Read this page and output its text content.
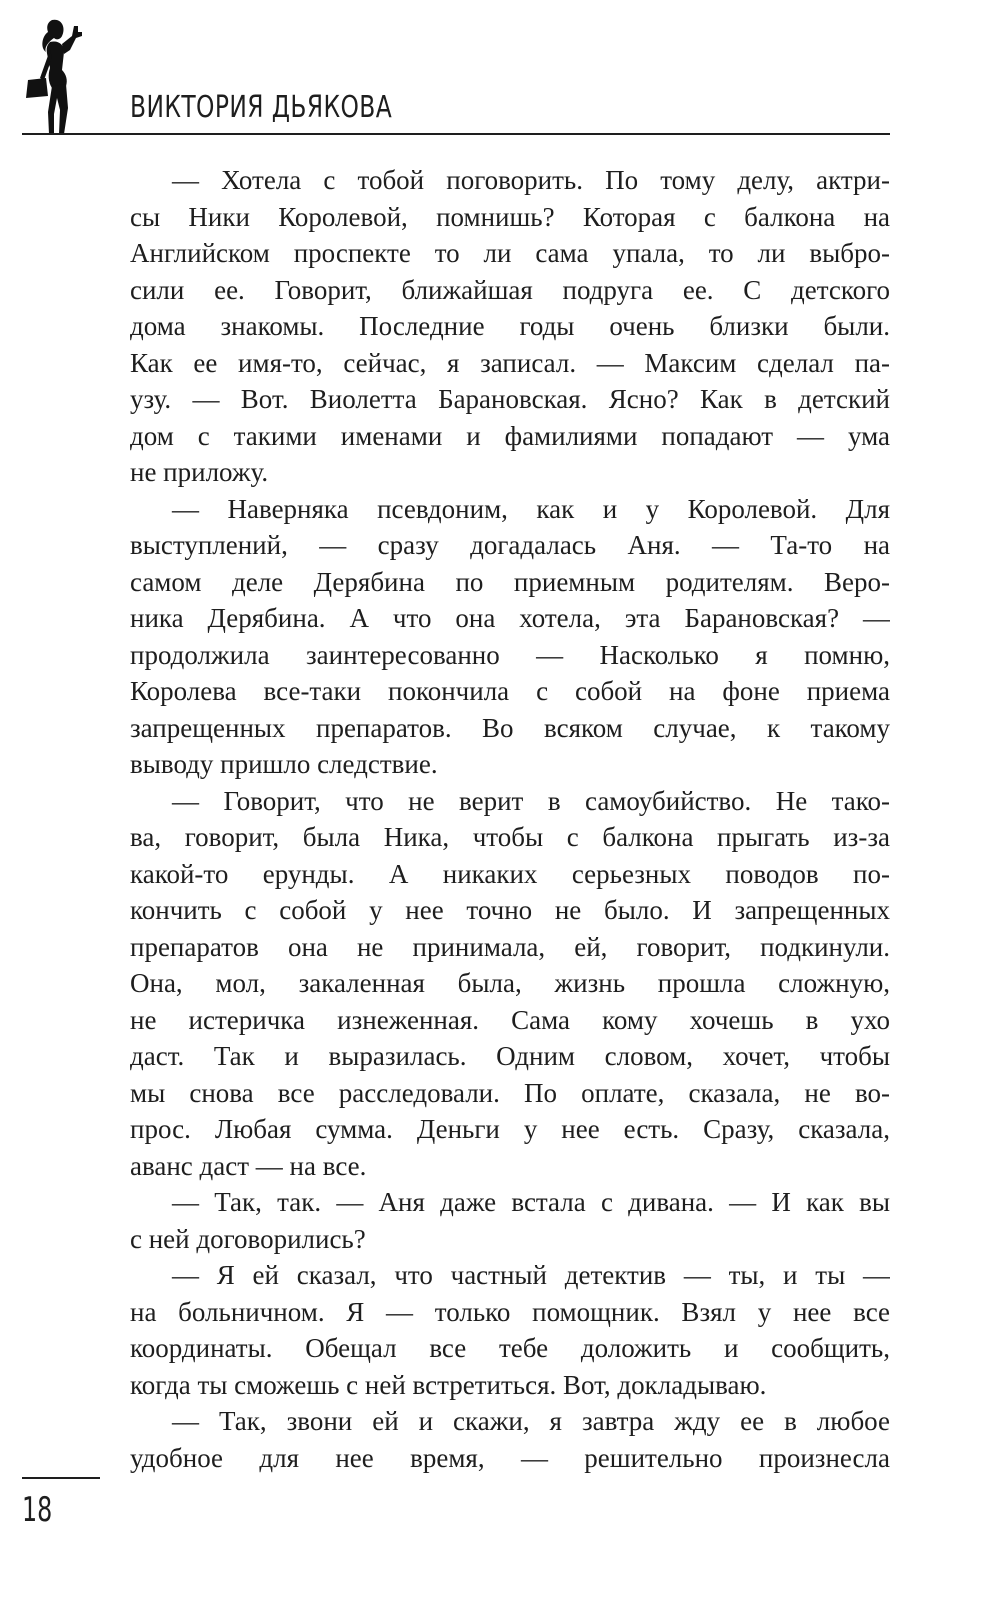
ВИКТОРИЯ ДЬЯКОВА
— Хотела с тобой поговорить. По тому делу, актри-
сы Ники Королевой, помнишь? Которая с балкона на
Английском проспекте то ли сама упала, то ли выбро-
сили ее. Говорит, ближайшая подруга ее. С детского
дома знакомы. Последние годы очень близки были.
Как ее имя-то, сейчас, я записал. — Максим сделал па-
узу. — Вот. Виолетта Барановская. Ясно? Как в детский
дом с такими именами и фамилиями попадают — ума
не приложу.
— Наверняка псевдоним, как и у Королевой. Для
выступлений, — сразу догадалась Аня. — Та-то на
самом деле Дерябина по приемным родителям. Веро-
ника Дерябина. А что она хотела, эта Барановская? —
продолжила заинтересованно — Насколько я помню,
Королева все-таки покончила с собой на фоне приема
запрещенных препаратов. Во всяком случае, к такому
выводу пришло следствие.
— Говорит, что не верит в самоубийство. Не тако-
ва, говорит, была Ника, чтобы с балкона прыгать из-за
какой-то ерунды. А никаких серьезных поводов по-
кончить с собой у нее точно не было. И запрещенных
препаратов она не принимала, ей, говорит, подкинули.
Она, мол, закаленная была, жизнь прошла сложную,
не истеричка изнеженная. Сама кому хочешь в ухо
даст. Так и выразилась. Одним словом, хочет, чтобы
мы снова все расследовали. По оплате, сказала, не во-
прос. Любая сумма. Деньги у нее есть. Сразу, сказала,
аванс даст — на все.
— Так, так. — Аня даже встала с дивана. — И как вы
с ней договорились?
— Я ей сказал, что частный детектив — ты, и ты —
на больничном. Я — только помощник. Взял у нее все
координаты. Обещал все тебе доложить и сообщить,
когда ты сможешь с ней встретиться. Вот, докладываю.
— Так, звони ей и скажи, я завтра жду ее в любое
удобное для нее время, — решительно произнесла
18
